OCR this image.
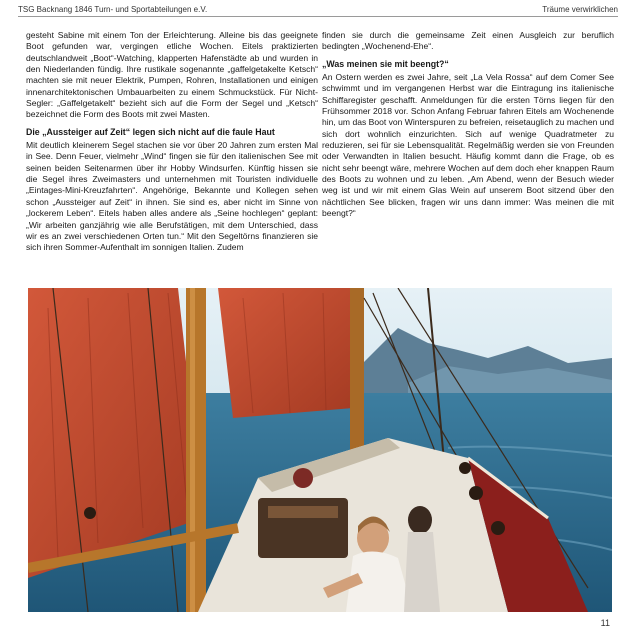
TSG Backnang 1846 Turn- und Sportabteilungen e.V.	Träume verwirklichen

gesteht Sabine mit einem Ton der Erleichterung. Alleine bis das geeignete Boot gefunden war, vergingen etliche Wochen. Eitels praktizierten deutschlandweit „Boot“-Watching, klapperten Hafenstädte ab und wurden in den Niederlanden fündig. Ihre rustikale sogenannte „gaffelgetakelte Ketsch“ machten sie mit neuer Elektrik, Pumpen, Rohren, Installationen und einigen innenarchitektonischen Umbauarbeiten zu einem Schmuckstück. Für Nicht-Segler: „Gaffelgetakelt“ bezieht sich auf die Form der Segel und „Ketsch“ bezeichnet die Form des Boots mit zwei Masten.

Die „Aussteiger auf Zeit“ legen sich nicht auf die faule Haut

Mit deutlich kleinerem Segel stachen sie vor über 20 Jahren zum ersten Mal in See. Denn Feuer, vielmehr „Wind“ fingen sie für den italienischen See mit seinen beiden Seitenarmen über ihr Hobby Windsurfen. Künftig hissen sie die Segel ihres Zweimasters und unternehmen mit Touristen individuelle „Eintages-Mini-Kreuzfahrten“. Angehörige, Bekannte und Kollegen sehen schon „Aussteiger auf Zeit“ in ihnen. Sie sind es, aber nicht im Sinne von „lockerem Leben“. Eitels haben alles andere als „Seine hochlegen“ geplant: „Wir arbeiten ganzjährig wie alle Berufstätigen, mit dem Unterschied, dass wir es an zwei verschiedenen Orten tun.“ Mit den Segeltörns finanzieren sie sich ihren Sommer-Aufenthalt im sonnigen Italien. Zudem

finden sie durch die gemeinsame Zeit einen Ausgleich zur beruflich bedingten „Wochenend-Ehe“.

„Was meinen sie mit beengt?“

An Ostern werden es zwei Jahre, seit „La Vela Rossa“ auf dem Comer See schwimmt und im vergangenen Herbst war die Eintragung ins italienische Schiffaregister geschafft. Anmeldungen für die ersten Törns liegen für den Frühsommer 2018 vor. Schon Anfang Februar fahren Eitels am Wochenende hin, um das Boot von Winterspuren zu befreien, reisetauglich zu machen und sich dort wohnlich einzurichten. Sich auf wenige Quadratmeter zu reduzieren, sei für sie Lebensqualität. Regelmäßig werden sie von Freunden oder Verwandten in Italien besucht. Häufig kommt dann die Frage, ob es nicht sehr beengt wäre, mehrere Wochen auf dem doch eher knappen Raum des Boots zu wohnen und zu leben. „Am Abend, wenn der Besuch wieder weg ist und wir mit einem Glas Wein auf unserem Boot sitzend über den nächtlichen See blicken, fragen wir uns dann immer: Was meinen die mit beengt?“

11
